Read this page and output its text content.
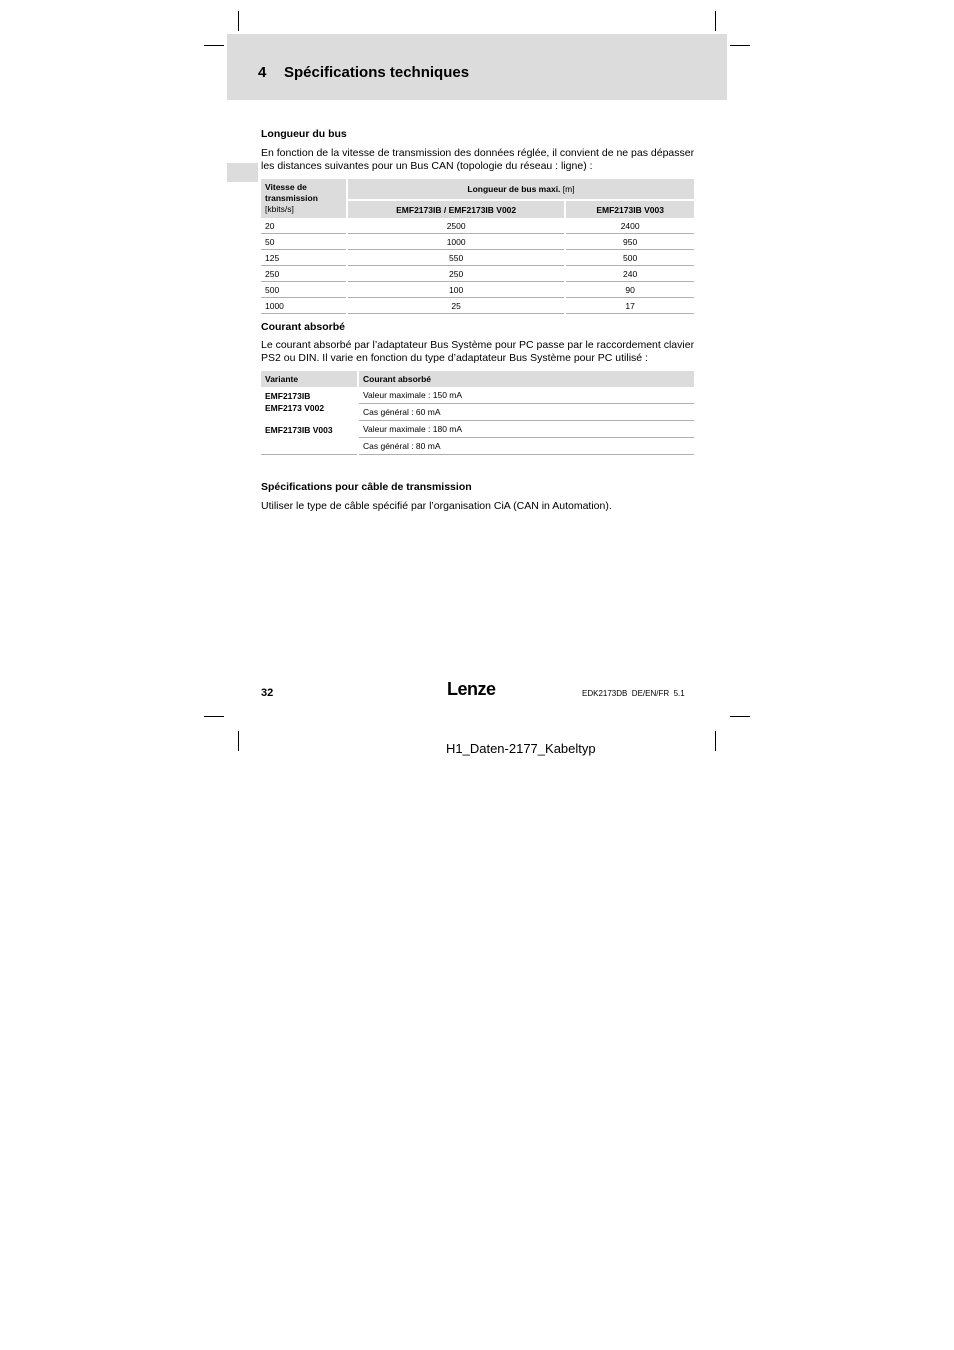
4 Spécifications techniques
Longueur du bus
En fonction de la vitesse de transmission des données réglée, il convient de ne pas dépasser les distances suivantes pour un Bus CAN (topologie du réseau : ligne) :
Vitesse de transmission
[kbits/s]	Longueur de bus maxi. [m]	
	EMF2173IB / EMF2173IB V002	EMF2173IB V003
20	2500	2400
50	1000	950
125	550	500
250	250	240
500	100	90
1000	25	17
Courant absorbé
Le courant absorbé par l’adaptateur Bus Système pour PC passe par le raccordement clavier PS2 ou DIN. Il varie en fonction du type d’adaptateur Bus Système pour PC utilisé :
Variante	Courant absorbé
EMF2173IB
EMF2173 V002	Valeur maximale : 150 mA
	Cas général : 60 mA
EMF2173IB V003	Valeur maximale : 180 mA
	Cas général : 80 mA
Spécifications pour câble de transmission
Utiliser le type de câble spécifié par l’organisation CiA (CAN in Automation).
32	Lenze	EDK2173DB  DE/EN/FR  5.1
H1_Daten-2177_Kabeltyp
